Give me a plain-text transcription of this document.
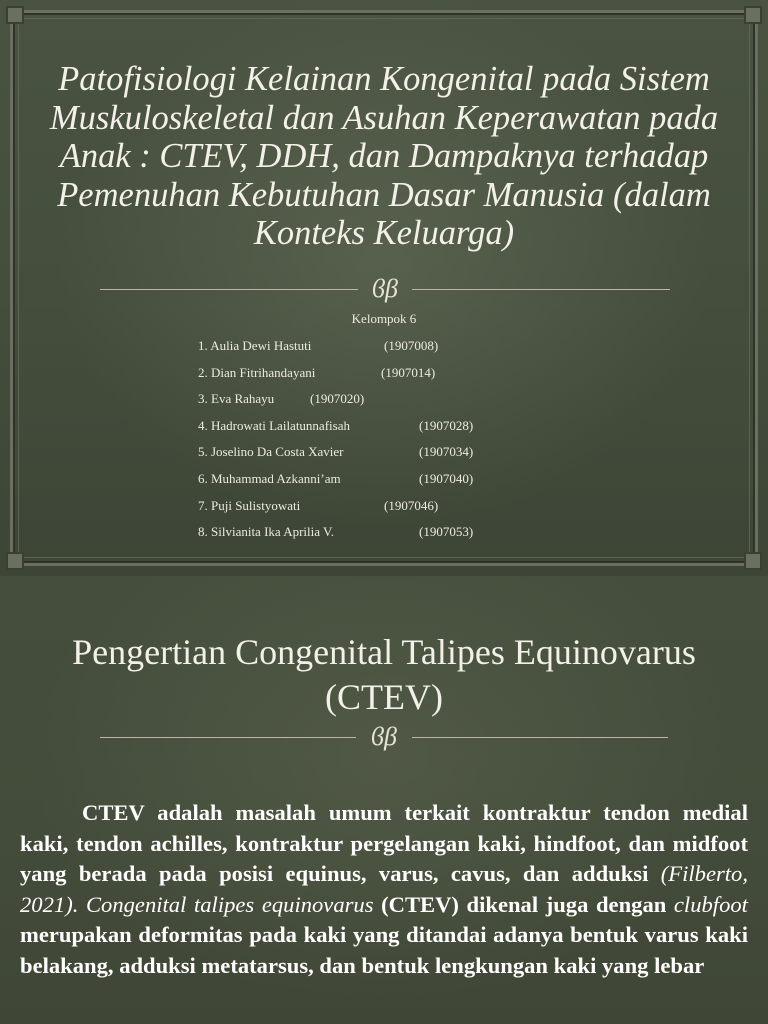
Patofisiologi Kelainan Kongenital pada Sistem Muskuloskeletal dan Asuhan Keperawatan pada Anak : CTEV, DDH, dan Dampaknya terhadap Pemenuhan Kebutuhan Dasar Manusia (dalam Konteks Keluarga)
ϐβ
Kelompok 6
1. Aulia Dewi Hastuti	(1907008)
2. Dian Fitrihandayani	(1907014)
3. Eva Rahayu	(1907020)
4. Hadrowati Lailatunnafisah	(1907028)
5. Joselino Da Costa Xavier	(1907034)
6. Muhammad Azkanni’am	(1907040)
7. Puji Sulistyowati	(1907046)
8. Silvianita Ika Aprilia V.	(1907053)
Pengertian Congenital Talipes Equinovarus
(CTEV)
ϐβ
CTEV adalah masalah umum terkait kontraktur tendon medial kaki, tendon achilles, kontraktur pergelangan kaki, hindfoot, dan midfoot yang berada pada posisi equinus, varus, cavus, dan adduksi (Filberto, 2021). Congenital talipes equinovarus (CTEV) dikenal juga dengan clubfoot merupakan deformitas pada kaki yang ditandai adanya bentuk varus kaki belakang, adduksi metatarsus, dan bentuk lengkungan kaki yang lebar
